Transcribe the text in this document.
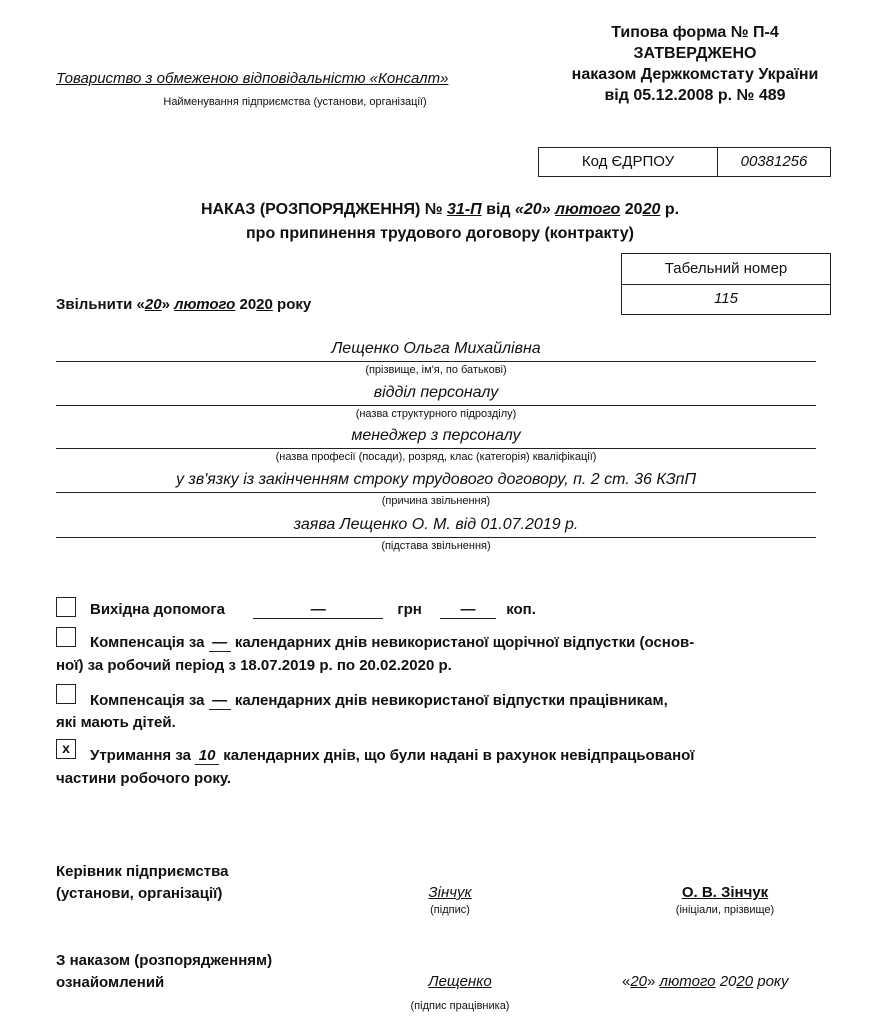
Типова форма № П-4
ЗАТВЕРДЖЕНО
наказом Держкомстату України
від 05.12.2008 р. № 489
Товариство з обмеженою відповідальністю «Консалт»
Найменування підприємства (установи, організації)
Код ЄДРПОУ	00381256
НАКАЗ (РОЗПОРЯДЖЕННЯ) № 31-П від «20» лютого 2020 р.
про припинення трудового договору (контракту)
Табельний номер
115
Звільнити «20» лютого 2020 року
Лещенко Ольга Михайлівна
(прізвище, ім'я, по батькові)
відділ персоналу
(назва структурного підрозділу)
менеджер з персоналу
(назва професії (посади), розряд, клас (категорія) кваліфікації)
у зв'язку із закінченням строку трудового договору, п. 2 ст. 36 КЗпП
(причина звільнення)
заява Лещенко О. М. від 01.07.2019 р.
(підстава звільнення)
Вихідна допомога	—	грн	— коп.
Компенсація за — календарних днів невикористаної щорічної відпустки (основ-
ної) за робочий період з 18.07.2019 р. по 20.02.2020 р.
Компенсація за — календарних днів невикористаної відпустки працівникам,
які мають дітей.
x	Утримання за 10 календарних днів, що були надані в рахунок невідпрацьованої
частини робочого року.
Керівник підприємства
(установи, організації)	Зінчук
(підпис)
О. В. Зінчук
(ініціали, прізвище)
З наказом (розпорядженням)
ознайомлений	Лещенко
(підпис працівника)
«20» лютого 2020 року
